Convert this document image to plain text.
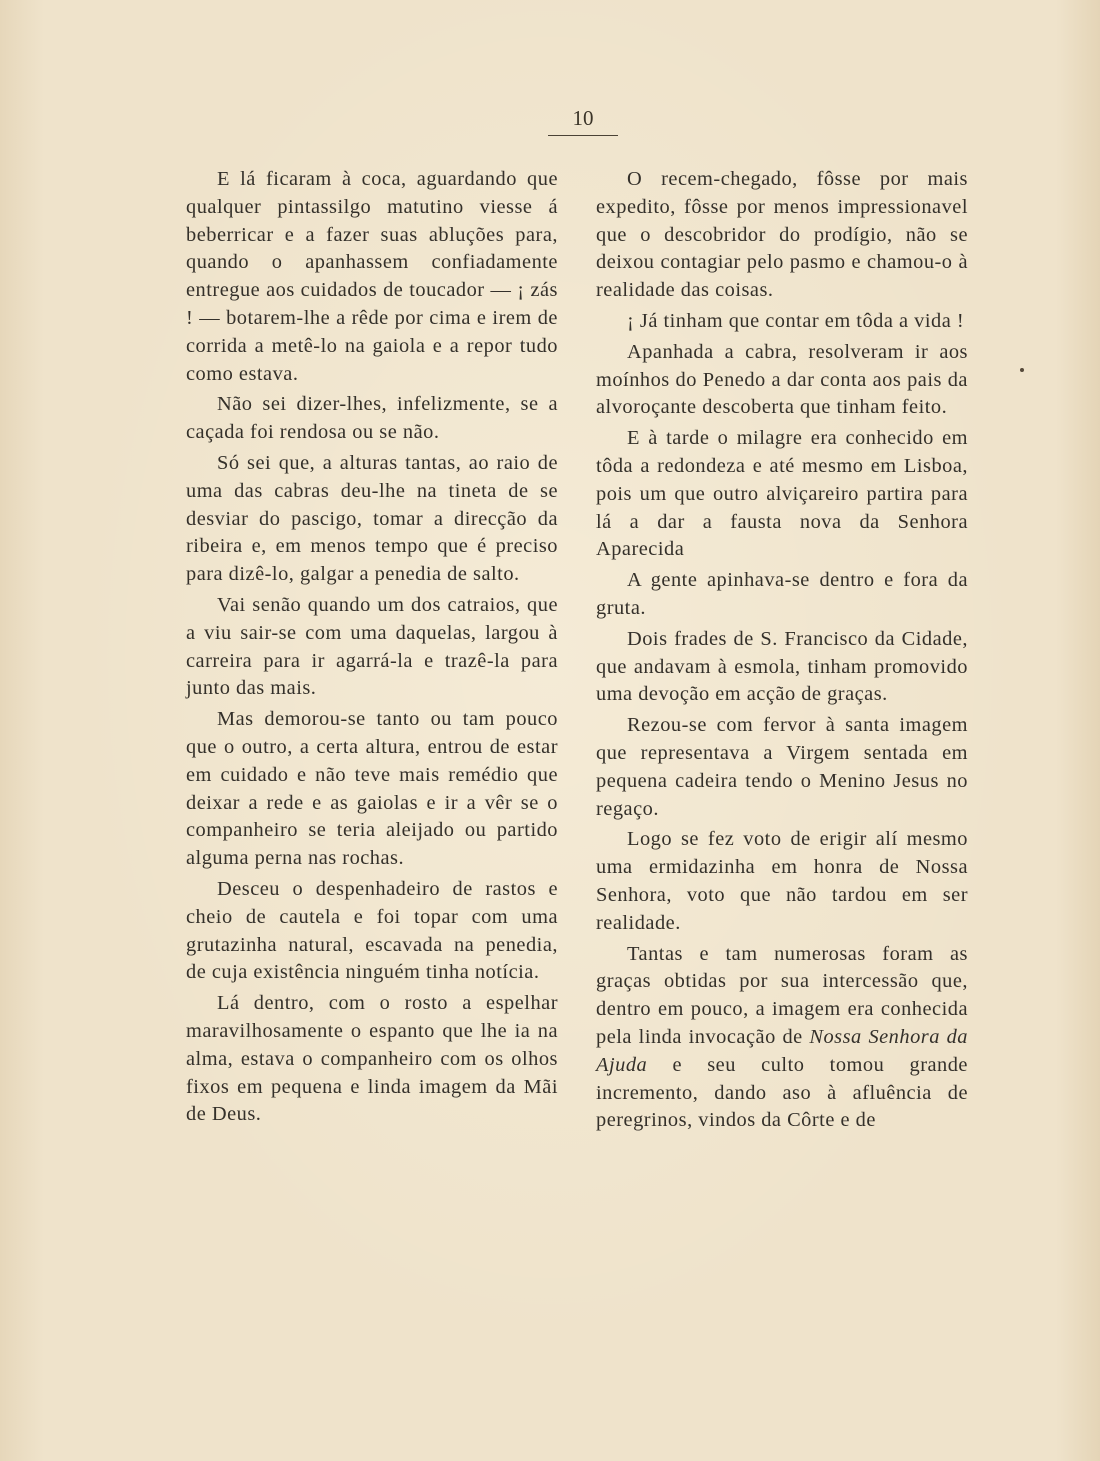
10

E lá ficaram à coca, aguardando que qualquer pintassilgo matutino viesse á beberricar e a fazer suas abluções para, quando o apanhassem confiadamente entregue aos cuidados de toucador — ¡ zás ! — botarem-lhe a rêde por cima e irem de corrida a metê-lo na gaiola e a repor tudo como estava.

Não sei dizer-lhes, infelizmente, se a caçada foi rendosa ou se não.

Só sei que, a alturas tantas, ao raio de uma das cabras deu-lhe na tineta de se desviar do pascigo, tomar a direcção da ribeira e, em menos tempo que é preciso para dizê-lo, galgar a penedia de salto.

Vai senão quando um dos catraios, que a viu sair-se com uma daquelas, largou à carreira para ir agarrá-la e trazê-la para junto das mais.

Mas demorou-se tanto ou tam pouco que o outro, a certa altura, entrou de estar em cuidado e não teve mais remédio que deixar a rede e as gaiolas e ir a vêr se o companheiro se teria aleijado ou partido alguma perna nas rochas.

Desceu o despenhadeiro de rastos e cheio de cautela e foi topar com uma grutazinha natural, escavada na penedia, de cuja existência ninguém tinha notícia.

Lá dentro, com o rosto a espelhar maravilhosamente o espanto que lhe ia na alma, estava o companheiro com os olhos fixos em pequena e linda imagem da Mãi de Deus.

O recem-chegado, fôsse por mais expedito, fôsse por menos impressionavel que o descobridor do prodígio, não se deixou contagiar pelo pasmo e chamou-o à realidade das coisas.

¡ Já tinham que contar em tôda a vida !

Apanhada a cabra, resolveram ir aos moínhos do Penedo a dar conta aos pais da alvoroçante descoberta que tinham feito.

E à tarde o milagre era conhecido em tôda a redondeza e até mesmo em Lisboa, pois um que outro alviçareiro partira para lá a dar a fausta nova da Senhora Aparecida

A gente apinhava-se dentro e fora da gruta.

Dois frades de S. Francisco da Cidade, que andavam à esmola, tinham promovido uma devoção em acção de graças.

Rezou-se com fervor à santa imagem que representava a Virgem sentada em pequena cadeira tendo o Menino Jesus no regaço.

Logo se fez voto de erigir alí mesmo uma ermidazinha em honra de Nossa Senhora, voto que não tardou em ser realidade.

Tantas e tam numerosas foram as graças obtidas por sua intercessão que, dentro em pouco, a imagem era conhecida pela linda invocação de Nossa Senhora da Ajuda e seu culto tomou grande incremento, dando aso à afluência de peregrinos, vindos da Côrte e de
